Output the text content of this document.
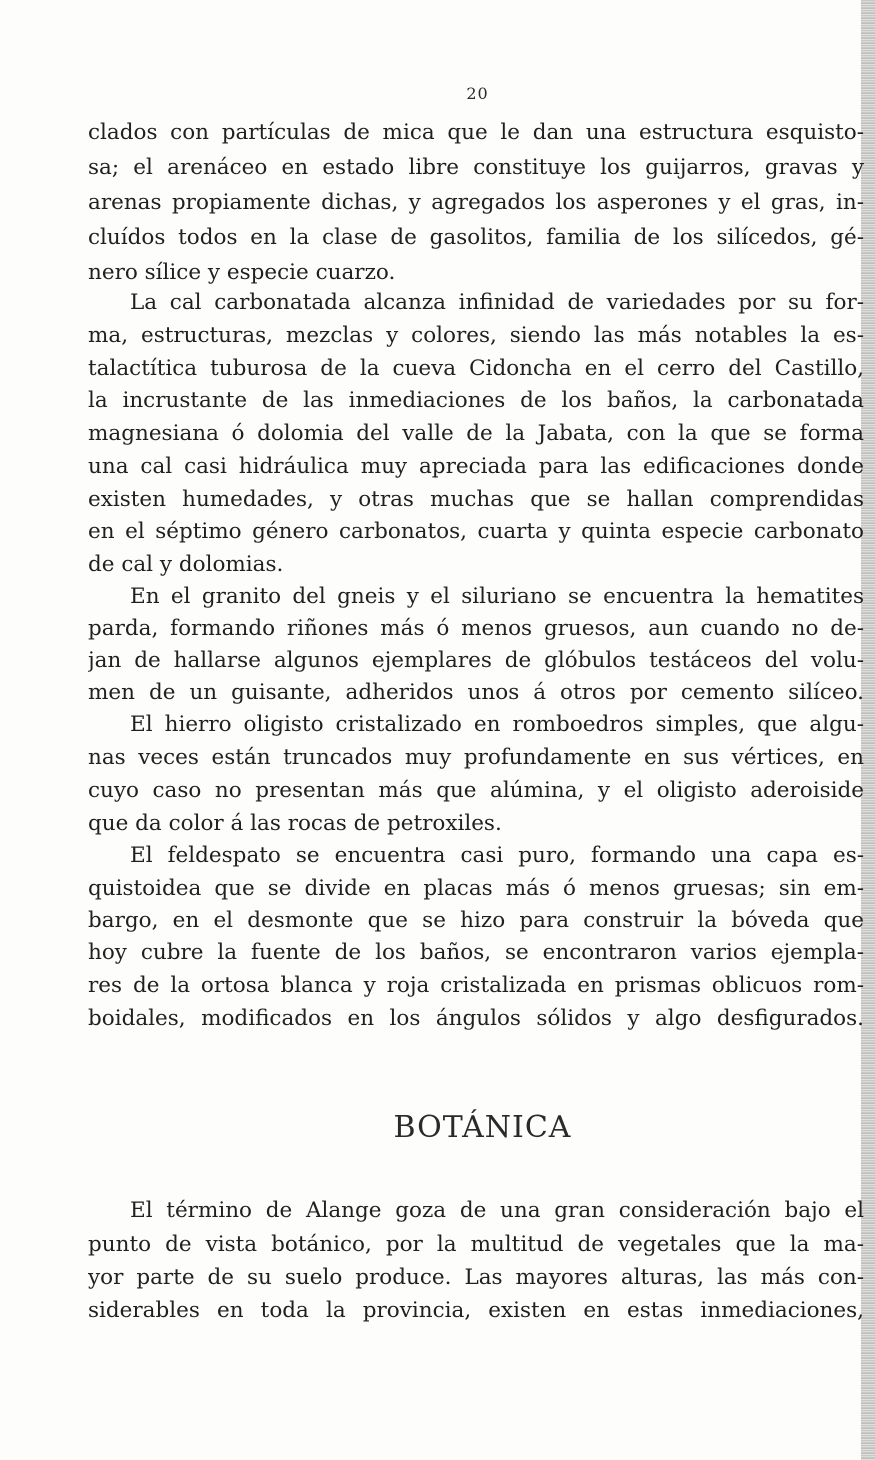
20
clados con partículas de mica que le dan una estructura esquisto-
sa; el arenáceo en estado libre constituye los guijarros, gravas y
arenas propiamente dichas, y agregados los asperones y el gras, in-
cluídos todos en la clase de gasolitos, familia de los silícedos, gé-
nero sílice y especie cuarzo.
La cal carbonatada alcanza infinidad de variedades por su for-
ma, estructuras, mezclas y colores, siendo las más notables la es-
talactítica tuburosa de la cueva Cidoncha en el cerro del Castillo,
la incrustante de las inmediaciones de los baños, la carbonatada
magnesiana ó dolomia del valle de la Jabata, con la que se forma
una cal casi hidráulica muy apreciada para las edificaciones donde
existen humedades, y otras muchas que se hallan comprendidas
en el séptimo género carbonatos, cuarta y quinta especie carbonato
de cal y dolomias.
En el granito del gneis y el siluriano se encuentra la hematites
parda, formando riñones más ó menos gruesos, aun cuando no de-
jan de hallarse algunos ejemplares de glóbulos testáceos del volu-
men de un guisante, adheridos unos á otros por cemento silíceo.
El hierro oligisto cristalizado en romboedros simples, que algu-
nas veces están truncados muy profundamente en sus vértices, en
cuyo caso no presentan más que alúmina, y el oligisto aderoiside
que da color á las rocas de petroxiles.
El feldespato se encuentra casi puro, formando una capa es-
quistoidea que se divide en placas más ó menos gruesas; sin em-
bargo, en el desmonte que se hizo para construir la bóveda que
hoy cubre la fuente de los baños, se encontraron varios ejempla-
res de la ortosa blanca y roja cristalizada en prismas oblicuos rom-
boidales, modificados en los ángulos sólidos y algo desfigurados.
BOTÁNICA
El término de Alange goza de una gran consideración bajo el
punto de vista botánico, por la multitud de vegetales que la ma-
yor parte de su suelo produce. Las mayores alturas, las más con-
siderables en toda la provincia, existen en estas inmediaciones,
